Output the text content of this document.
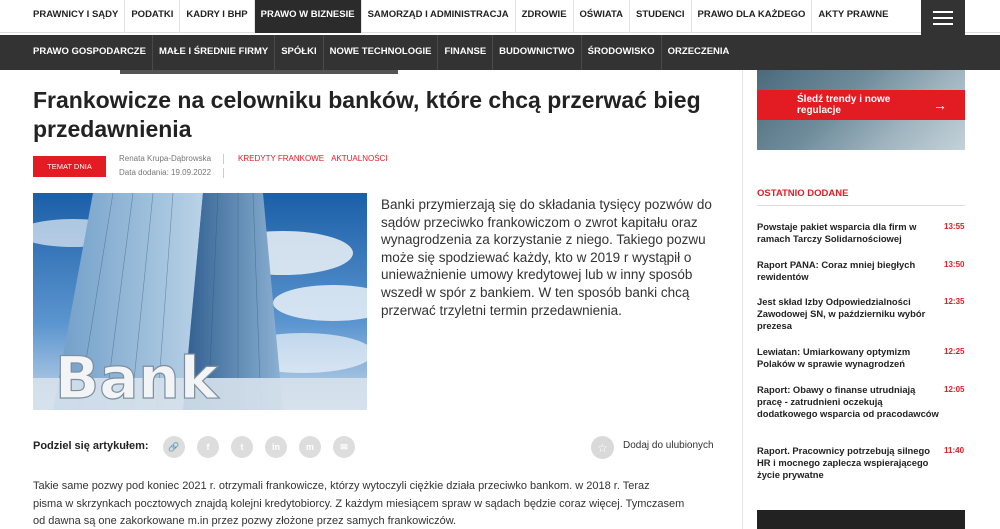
PRAWNICY I SĄDY	PODATKI	KADRY I BHP	PRAWO W BIZNESIE	SAMORZĄD I ADMINISTRACJA	ZDROWIE	OŚWIATA	STUDENCI	PRAWO DLA KAŻDEGO	AKTY PRAWNE
PRAWO GOSPODARCZE	MAŁE I ŚREDNIE FIRMY	SPÓŁKI	NOWE TECHNOLOGIE	FINANSE	BUDOWNICTWO	ŚRODOWISKO	ORZECZENIA
Frankowicze na celowniku banków, które chcą przerwać bieg przedawnienia
TEMAT DNIA
Renata Krupa-Dąbrowska
Data dodania: 19.09.2022
KREDYTY FRANKOWE AKTUALNOŚCI
Bank

Banki przymierzają się do składania tysięcy pozwów do sądów przeciwko frankowiczom o zwrot kapitału oraz wynagrodzenia za korzystanie z niego. Takiego pozwu może się spodziewać każdy, kto w 2019 r wystąpił o unieważnienie umowy kredytowej lub w inny sposób wszedł w spór z bankiem. W ten sposób banki chcą przerwać trzyletni termin przedawnienia.

Podziel się artykułem:	🔗	f	t	in	m	✉	☆	Dodaj do ulubionych
Takie same pozwy pod koniec 2021 r. otrzymali frankowicze, którzy wytoczyli ciężkie działa przeciwko bankom. w 2018 r. Teraz
pisma w skrzynkach pocztowych znajdą kolejni kredytobiorcy. Z każdym miesiącem spraw w sądach będzie coraz więcej. Tymczasem
od dawna są one zakorkowane m.in przez pozwy złożone przez samych frankowiczów.
Śledź trendy i nowe regulacje	→
OSTATNIO DODANE
Powstaje pakiet wsparcia dla firm w ramach Tarczy Solidarnościowej
13:55
Raport PANA: Coraz mniej biegłych rewidentów
13:50
Jest skład Izby Odpowiedzialności Zawodowej SN, w październiku wybór prezesa
12:35
Lewiatan: Umiarkowany optymizm Polaków w sprawie wynagrodzeń
12:25
Raport: Obawy o finanse utrudniają pracę - zatrudnieni oczekują dodatkowego wsparcia od pracodawców
12:05
Raport. Pracownicy potrzebują silnego HR i mocnego zaplecza wspierającego życie prywatne
11:40
